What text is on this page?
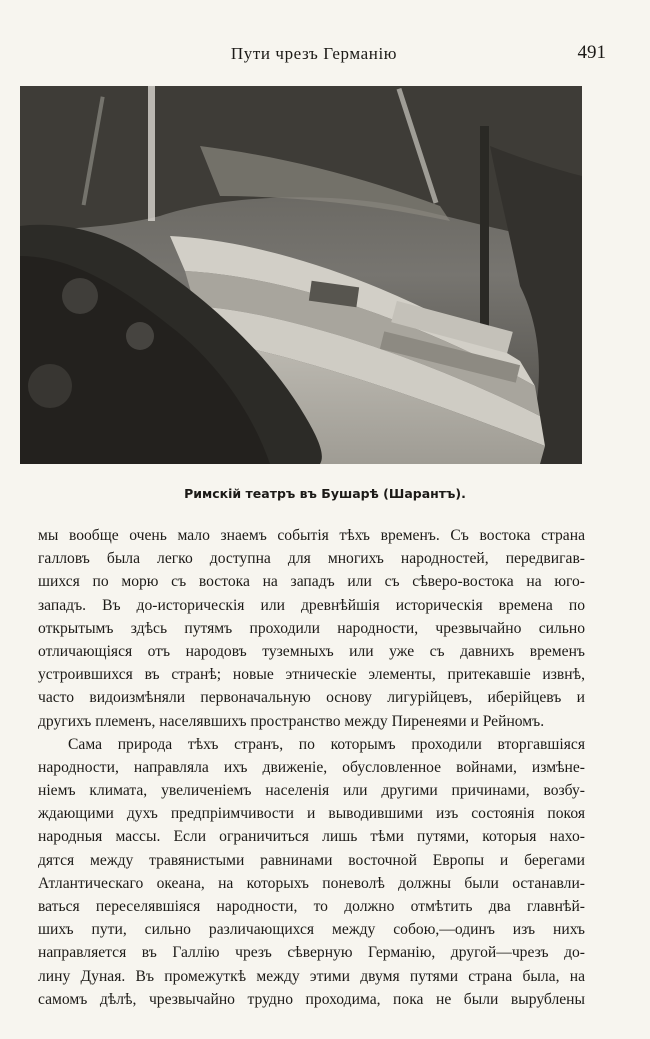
Пути чрезъ Германію	491
Римскій театръ въ Бушарѣ (Шарантъ).
мы вообще очень мало знаемъ событія тѣхъ временъ. Съ востока страна
галловъ была легко доступна для многихъ народностей, передвигав-
шихся по морю съ востока на западъ или съ сѣверо-востока на юго-
западъ. Въ до-историческія или древнѣйшія историческія времена по
открытымъ здѣсь путямъ проходили народности, чрезвычайно сильно
отличающіяся отъ народовъ туземныхъ или уже съ давнихъ временъ
устроившихся въ странѣ; новые этническіе элементы, притекавшіе извнѣ,
часто видоизмѣняли первоначальную основу лигурійцевъ, иберійцевъ и
другихъ племенъ, населявшихъ пространство между Пиренеями и Рейномъ.
Сама природа тѣхъ странъ, по которымъ проходили вторгавшіяся
народности, направляла ихъ движеніе, обусловленное войнами, измѣне-
ніемъ климата, увеличеніемъ населенія или другими причинами, возбу-
ждающими духъ предпріимчивости и выводившими изъ состоянія покоя
народныя массы. Если ограничиться лишь тѣми путями, которыя нахо-
дятся между травянистыми равнинами восточной Европы и берегами
Атлантическаго океана, на которыхъ поневолѣ должны были останавли-
ваться переселявшіяся народности, то должно отмѣтить два главнѣй-
шихъ пути, сильно различающихся между собою,—одинъ изъ нихъ
направляется въ Галлію чрезъ сѣверную Германію, другой—чрезъ до-
лину Дуная. Въ промежуткѣ между этими двумя путями страна была, на
самомъ дѣлѣ, чрезвычайно трудно проходима, пока не были вырублены
